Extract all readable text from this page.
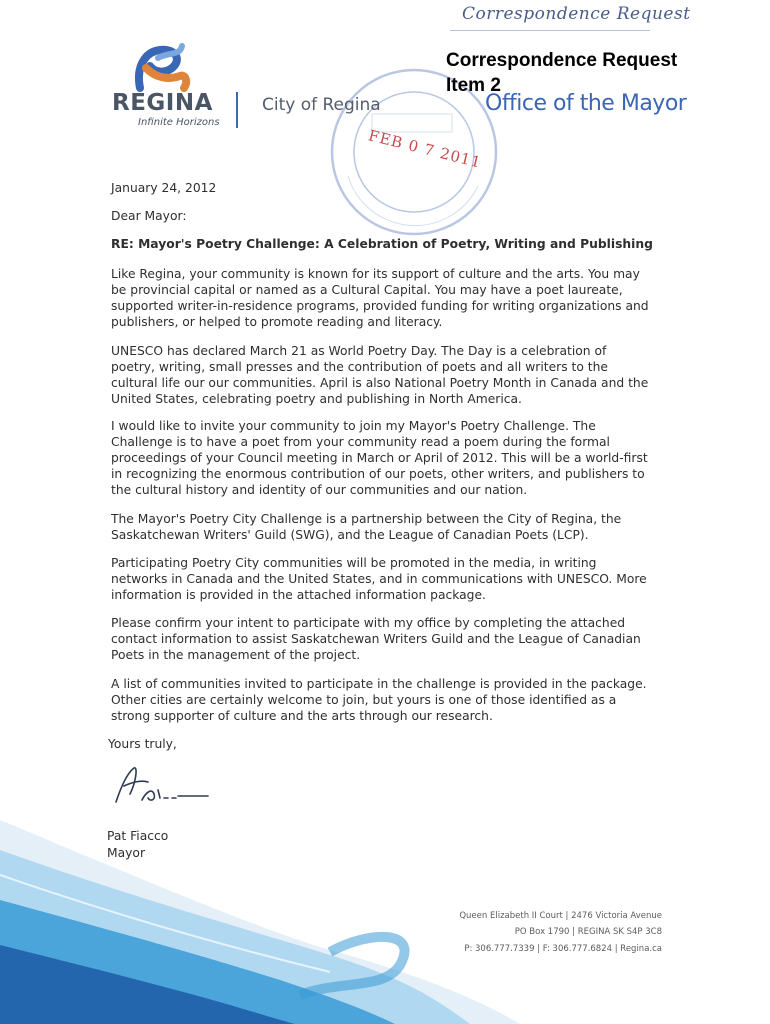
Correspondence Request
FEB 0 7 2011
Correspondence Request
Item 2
REGINA
Infinite Horizons
City of Regina	Office of the Mayor
January 24, 2012
Dear Mayor:
RE: Mayor's Poetry Challenge: A Celebration of Poetry, Writing and Publishing

Like Regina, your community is known for its support of culture and the arts. You may be provincial capital or named as a Cultural Capital. You may have a poet laureate, supported writer-in-residence programs, provided funding for writing organizations and publishers, or helped to promote reading and literacy.

UNESCO has declared March 21 as World Poetry Day. The Day is a celebration of poetry, writing, small presses and the contribution of poets and all writers to the cultural life our our communities. April is also National Poetry Month in Canada and the United States, celebrating poetry and publishing in North America.

I would like to invite your community to join my Mayor's Poetry Challenge. The Challenge is to have a poet from your community read a poem during the formal proceedings of your Council meeting in March or April of 2012. This will be a world-first in recognizing the enormous contribution of our poets, other writers, and publishers to the cultural history and identity of our communities and our nation.

The Mayor's Poetry City Challenge is a partnership between the City of Regina, the Saskatchewan Writers' Guild (SWG), and the League of Canadian Poets (LCP).

Participating Poetry City communities will be promoted in the media, in writing networks in Canada and the United States, and in communications with UNESCO. More information is provided in the attached information package.

Please confirm your intent to participate with my office by completing the attached contact information to assist Saskatchewan Writers Guild and the League of Canadian Poets in the management of the project.

A list of communities invited to participate in the challenge is provided in the package. Other cities are certainly welcome to join, but yours is one of those identified as a strong supporter of culture and the arts through our research.

Yours truly,
Pat Fiacco
Mayor
Queen Elizabeth II Court | 2476 Victoria Avenue
PO Box 1790 | REGINA SK S4P 3C8
P: 306.777.7339 | F: 306.777.6824 | Regina.ca
